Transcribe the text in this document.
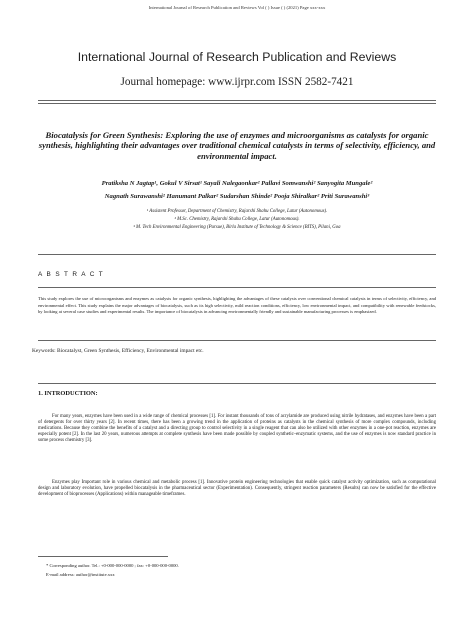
International Journal of Research Publication and Reviews Vol ( ) Issue ( ) (2021) Page xxx-xxx
International Journal of Research Publication and Reviews
Journal homepage: www.ijrpr.com ISSN 2582-7421
Biocatalysis for Green Synthesis: Exploring the use of enzymes and microorganisms as catalysts for organic synthesis, highlighting their advantages over traditional chemical catalysts in terms of selectivity, efficiency, and environmental impact.
Pratiksha N Jagtap¹, Gokul V Sirsat¹ Sayali Nalegaonkar² Pallavi Somwanshi² Sanyogita Mungale²
Nagnath Surawanshi² Hanumant Palkar² Sudarshan Shinde² Pooja Shiralkar² Priti Surawanshi³
¹ Assistent Professor, Department of Chemistry, Rajarshi Shahu College, Latur (Autonomous).
² M.Sc. Chemistry, Rajarshi Shahu College, Latur (Autonomous).
³ M. Tech Environmental Engineering (Pursue), Birla Institute of Technology & Science (BITS), Pilani, Goa
A B S T R A C T
This study explores the use of microorganisms and enzymes as catalysts for organic synthesis, highlighting the advantages of these catalysts over conventional chemical catalysts in terms of selectivity, efficiency, and environmental effect. This study explains the major advantages of biocatalysis, such as its high selectivity, mild reaction conditions, efficiency, low environmental impact, and compatibility with renewable feedstocks, by looking at several case studies and experimental results. The importance of biocatalysis in advancing environmentally friendly and sustainable manufacturing processes is emphasized.
Keywords: Biocatalyst, Green Synthesis, Efficiency, Environmental impact etc.
1. INTRODUCTION:
For many years, enzymes have been used in a wide range of chemical processes [1]. For instant thousands of tons of acrylamide are produced using nitrile hydratases, and enzymes have been a part of detergents for over thirty years [2]. In recent times, there has been a growing trend in the application of proteins as catalysts in the chemical synthesis of more complex compounds, including medications. Because they combine the benefits of a catalyst and a directing group to control selectivity in a single reagent that can also be utilized with other enzymes in a one-pot reaction, enzymes are especially potent [2]. In the last 20 years, numerous attempts at complete synthesis have been made possible by coupled synthetic–enzymatic systems, and the use of enzymes is now standard practice in some process chemistry [3].
Enzymes play Important role in various chemical and metabolic process [1]. Innovative protein engineering technologies that enable quick catalyst activity optimization, such as computational design and laboratory evolution, have propelled biocatalysis in the pharmaceutical sector (Experimentation). Consequently, stringent reaction parameters (Results) can now be satisfied for the effective development of bioprocesses (Applications) within manageable timeframes.
* Corresponding author. Tel.: +0-000-000-0000 ; fax: +0-000-000-0000.
E-mail address: author@institute.xxx
